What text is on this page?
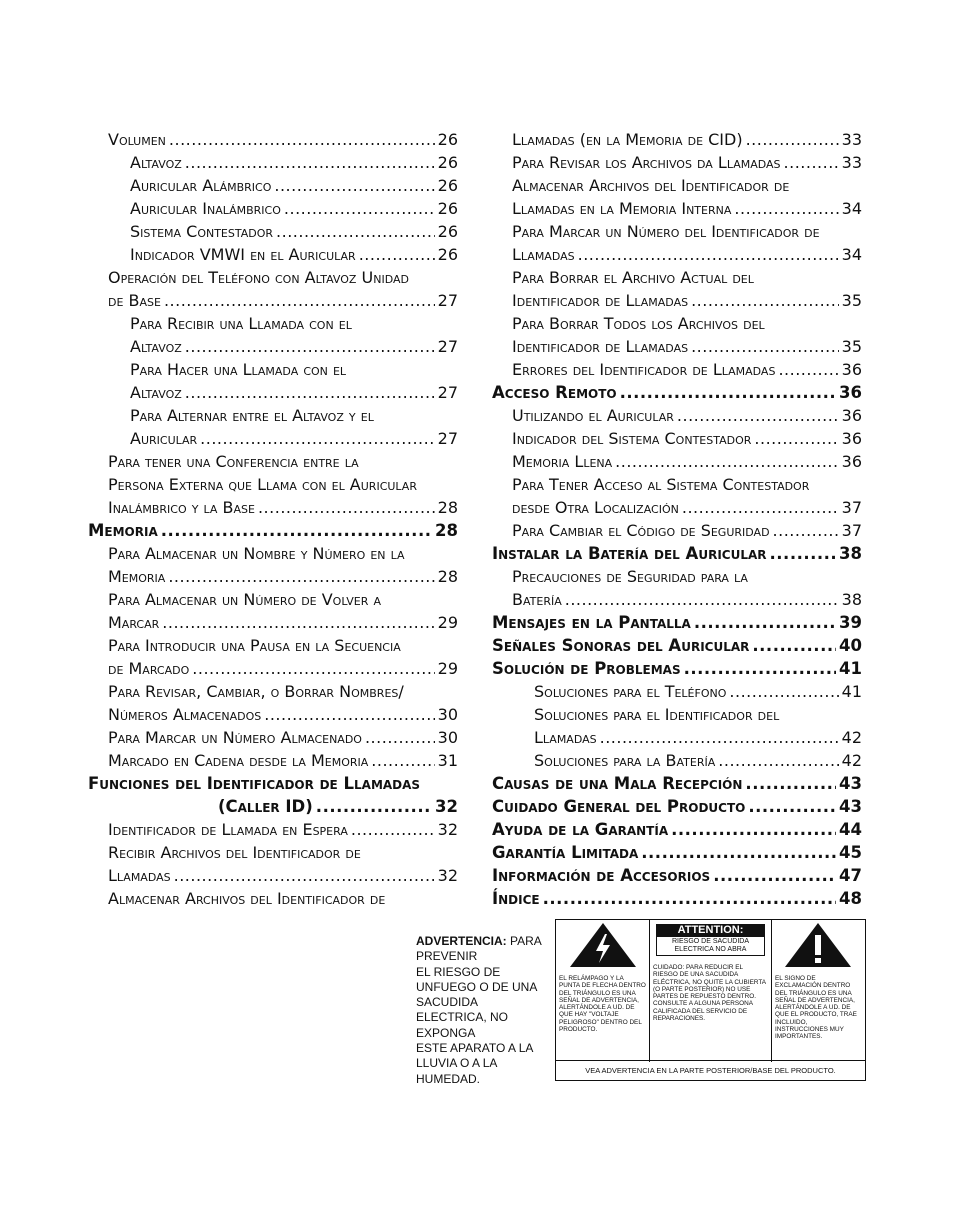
Volumen .....	26
Altavoz .....	26
Auricular Alámbrico .....	26
Auricular Inalámbrico .....	26
Sistema Contestador .....	26
Indicador VMWI en el Auricular .....	26
Operación del Teléfono con Altavoz Unidad
de Base .....	27
Para Recibir una Llamada con el
Altavoz .....	27
Para Hacer una Llamada con el
Altavoz .....	27
Para Alternar entre el Altavoz y el
Auricular .....	27
Para tener una Conferencia entre la
Persona Externa que Llama con el Auricular
Inalámbrico y la Base .....	28
Memoria .....	28
Para Almacenar un Nombre y Número en la
Memoria .....	28
Para Almacenar un Número de Volver a
Marcar .....	29
Para Introducir una Pausa en la Secuencia
de Marcado .....	29
Para Revisar, Cambiar, o Borrar Nombres/
Números Almacenados .....	30
Para Marcar un Número Almacenado .....	30
Marcado en Cadena desde la Memoria .....	31
Funciones del Identificador de Llamadas
(Caller ID) .....	32
Identificador de Llamada en Espera .....	32
Recibir Archivos del Identificador de
Llamadas .....	32
Almacenar Archivos del Identificador de
Llamadas (en la Memoria de CID) .....	33
Para Revisar los Archivos da Llamadas .....	33
Almacenar Archivos del Identificador de
Llamadas en la Memoria Interna .....	34
Para Marcar un Número del Identificador de
Llamadas .....	34
Para Borrar el Archivo Actual del
Identificador de Llamadas .....	35
Para Borrar Todos los Archivos del
Identificador de Llamadas .....	35
Errores del Identificador de Llamadas .....	36
Acceso Remoto .....	36
Utilizando el Auricular .....	36
Indicador del Sistema Contestador .....	36
Memoria Llena .....	36
Para Tener Acceso al Sistema Contestador
desde Otra Localización .....	37
Para Cambiar el Código de Seguridad .....	37
Instalar la Batería del Auricular .....	38
Precauciones de Seguridad para la
Batería .....	38
Mensajes en la Pantalla .....	39
Señales Sonoras del Auricular .....	40
Solución de Problemas .....	41
Soluciones para el Teléfono .....	41
Soluciones para el Identificador del
Llamadas .....	42
Soluciones para la Batería .....	42
Causas de una Mala Recepción .....	43
Cuidado General del Producto .....	43
Ayuda de la Garantía .....	44
Garantía Limitada .....	45
Información de Accesorios .....	47
Índice .....	48
ADVERTENCIA: PARA
PREVENIR
EL RIESGO DE
UNFUEGO O DE UNA
SACUDIDA
ELECTRICA, NO
EXPONGA
ESTE APARATO A LA
LLUVIA O A LA
HUMEDAD.
EL RELÁMPAGO Y LA PUNTA DE FLECHA DENTRO DEL TRIÁNGULO ES UNA SEÑAL DE ADVERTENCIA, ALERTÁNDOLE A UD. DE QUE HAY "VOLTAJE PELIGROSO" DENTRO DEL PRODUCTO.
ATTENTION:
RIESGO DE SACUDIDA
ELECTRICA NO ABRA
CUIDADO: PARA REDUCIR EL RIESGO DE UNA SACUDIDA ELÉCTRICA, NO QUITE LA CUBIERTA (O PARTE POSTERIOR) NO USE PARTES DE REPUESTO DENTRO. CONSULTE A ALGUNA PERSONA CALIFICADA DEL SERVICIO DE REPARACIONES.
EL SIGNO DE EXCLAMACIÓN DENTRO DEL TRIÁNGULO ES UNA SEÑAL DE ADVERTENCIA, ALERTÁNDOLE A UD. DE QUE EL PRODUCTO, TRAE INCLUIDO, INSTRUCCIONES MUY IMPORTANTES.
VEA ADVERTENCIA EN LA PARTE POSTERIOR/BASE DEL PRODUCTO.
